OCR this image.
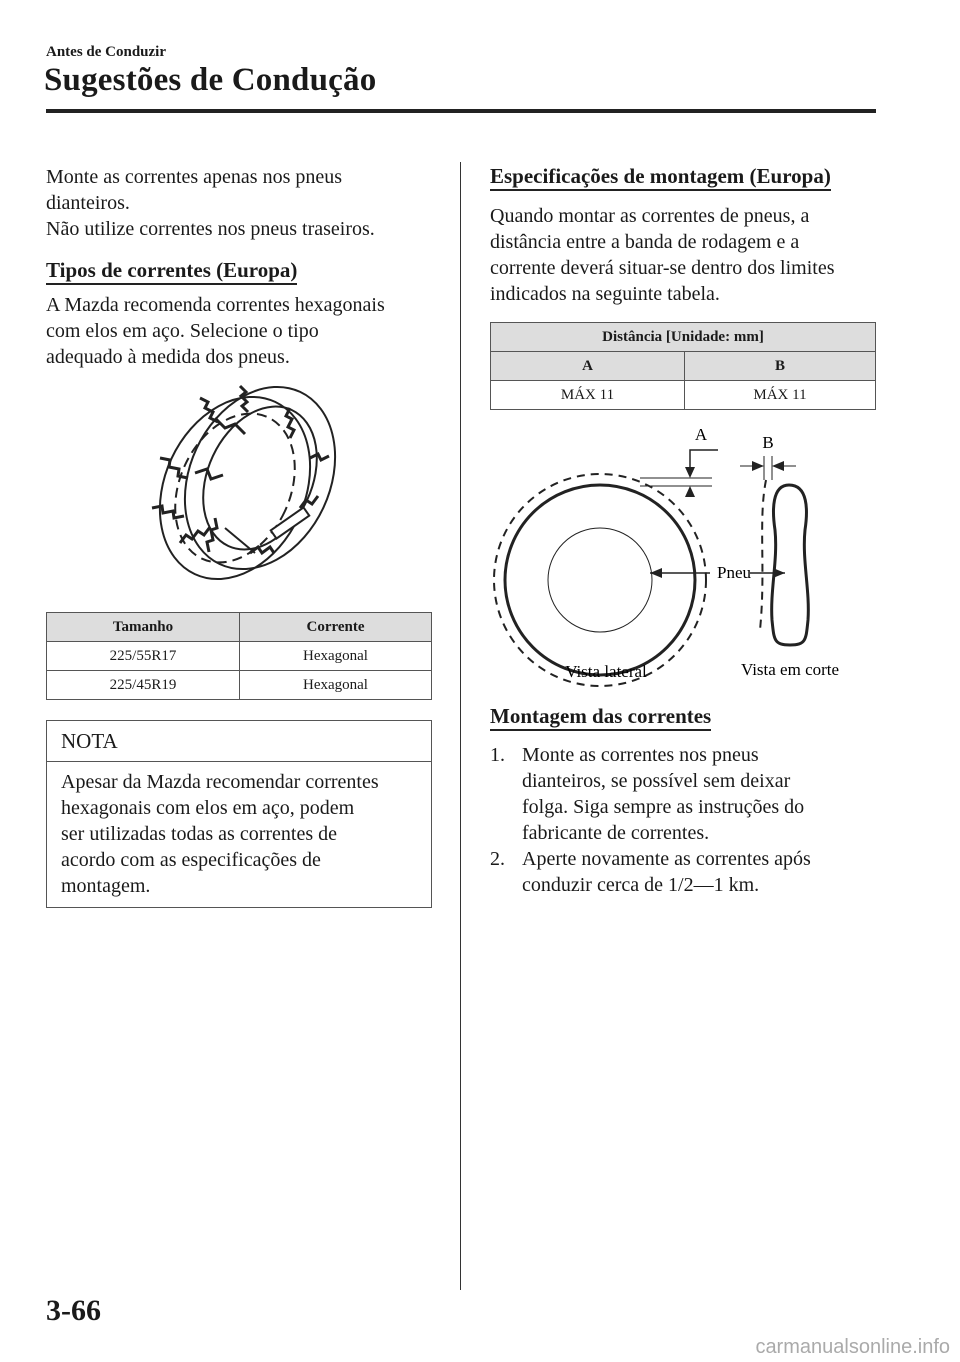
Antes de Conduzir
Sugestões de Condução

Monte as correntes apenas nos pneus

dianteiros.

Não utilize correntes nos pneus traseiros.

Tipos de correntes (Europa)

A Mazda recomenda correntes hexagonais

com elos em aço. Selecione o tipo

adequado à medida dos pneus.

Tamanho	Corrente
225/55R17	Hexagonal
225/45R19	Hexagonal
NOTA
Apesar da Mazda recomendar correntes
hexagonais com elos em aço, podem
ser utilizadas todas as correntes de
acordo com as especificações de
montagem.
Especificações de montagem (Europa)

Quando montar as correntes de pneus, a

distância entre a banda de rodagem e a

corrente deverá situar-se dentro dos limites

indicados na seguinte tabela.

Distância [Unidade: mm]	
A	B
MÁX 11	MÁX 11
A	B
Pneu
Vista lateral	Vista em corte
Montagem das correntes
1. Monte as correntes nos pneus
dianteiros, se possível sem deixar
folga. Siga sempre as instruções do
fabricante de correntes.
2. Aperte novamente as correntes após
conduzir cerca de 1/2―1 km.
3-66
carmanualsonline.info
